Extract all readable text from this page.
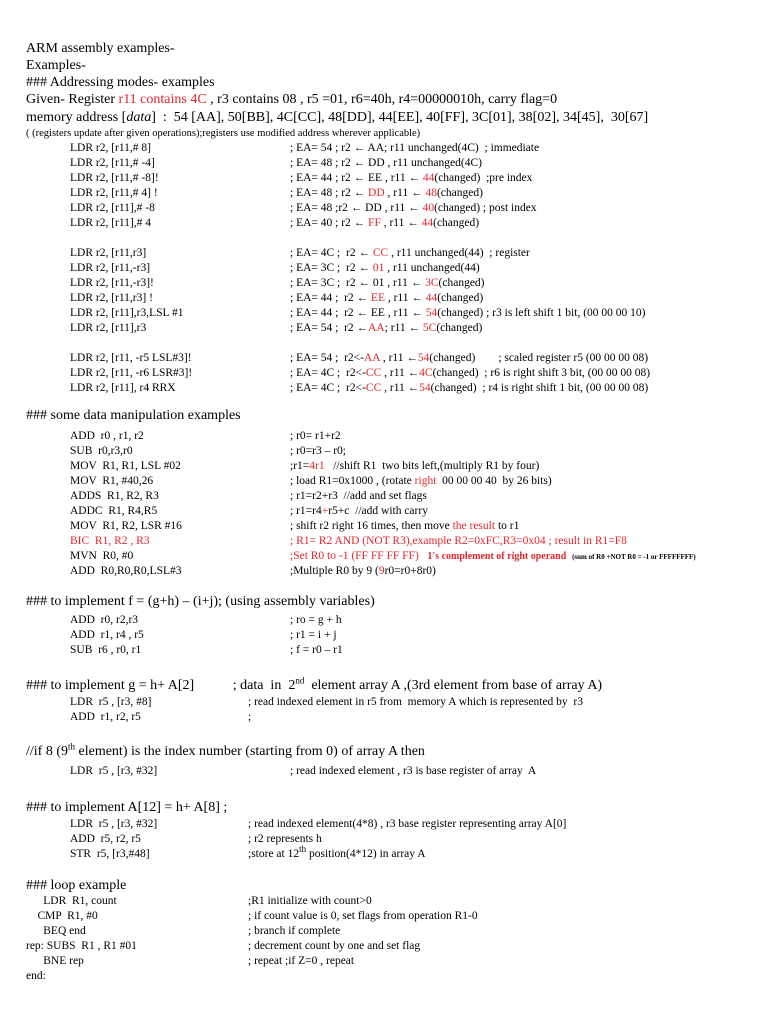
ARM assembly examples-
Examples-
### Addressing modes- examples
Given- Register r11 contains 4C , r3 contains 08 , r5 =01, r6=40h, r4=00000010h, carry flag=0
memory address [data]  :  54 [AA], 50[BB], 4C[CC], 48[DD], 44[EE], 40[FF], 3C[01], 38[02], 34[45],  30[67]
( (registers update after given operations);registers use modified address wherever applicable)
LDR r2, [r11,# 8]	; EA= 54 ; r2 ← AA; r11 unchanged(4C)  ; immediate
LDR r2, [r11,# -4]	; EA= 48 ; r2 ← DD , r11 unchanged(4C)
LDR r2, [r11,# -8]!	; EA= 44 ; r2 ← EE , r11 ← 44(changed)  ;pre index
LDR r2, [r11,# 4] !	; EA= 48 ; r2 ← DD , r11 ← 48(changed)
LDR r2, [r11],# -8	; EA= 48 ;r2 ← DD , r11 ← 40(changed) ; post index
LDR r2, [r11],# 4	; EA= 40 ; r2 ← FF , r11 ← 44(changed)
LDR r2, [r11,r3]	; EA= 4C ;  r2 ← CC , r11 unchanged(44)  ; register
LDR r2, [r11,-r3]	; EA= 3C ;  r2 ← 01 , r11 unchanged(44)
LDR r2, [r11,-r3]!	; EA= 3C ;  r2 ← 01 , r11 ← 3C(changed)
LDR r2, [r11,r3] !	; EA= 44 ;  r2 ← EE , r11 ← 44(changed)
LDR r2, [r11],r3,LSL #1	; EA= 44 ;  r2 ← EE , r11 ← 54(changed) ; r3 is left shift 1 bit, (00 00 00 10)
LDR r2, [r11],r3	; EA= 54 ;  r2 ←AA; r11 ← 5C(changed)
LDR r2, [r11, -r5 LSL#3]!	; EA= 54 ;  r2<-AA , r11 ←54(changed)        ; scaled register r5 (00 00 00 08)
LDR r2, [r11, -r6 LSR#3]!	; EA= 4C ;  r2<-CC , r11 ←4C(changed)  ; r6 is right shift 3 bit, (00 00 00 08)
LDR r2, [r11], r4 RRX	; EA= 4C ;  r2<-CC , r11 ←54(changed)  ; r4 is right shift 1 bit, (00 00 00 08)
### some data manipulation examples
ADD  r0 , r1, r2	; r0= r1+r2
SUB  r0,r3,r0	; r0=r3 – r0;
MOV  R1, R1, LSL #02	;r1=4r1   //shift R1  two bits left,(multiply R1 by four)
MOV  R1, #40,26	; load R1=0x1000 , (rotate right  00 00 00 40  by 26 bits)
ADDS  R1, R2, R3	; r1=r2+r3  //add and set flags
ADDC  R1, R4,R5	; r1=r4+r5+c  //add with carry
MOV  R1, R2, LSR #16	; shift r2 right 16 times, then move the result to r1
BIC  R1, R2 , R3	; R1= R2 AND (NOT R3),example R2=0xFC,R3=0x04 ; result in R1=F8
MVN  R0, #0	;Set R0 to -1 (FF FF FF FF) 1's complement of right operand (sum of R0 +NOT R0 = -1 or FFFFFFFF)
ADD  R0,R0,R0,LSL#3	;Multiple R0 by 9 (9r0=r0+8r0)
### to implement f = (g+h) – (i+j); (using assembly variables)
ADD  r0, r2,r3	; ro = g + h
ADD  r1, r4 , r5	; r1 = i + j
SUB  r6 , r0, r1	; f = r0 – r1
### to implement g = h+ A[2]           ; data  in  2nd  element array A ,(3rd element from base of array A)
LDR  r5 , [r3, #8]	; read indexed element in r5 from  memory A which is represented by  r3
ADD  r1, r2, r5	;
//if 8 (9th element) is the index number (starting from 0) of array A then
LDR  r5 , [r3, #32]	; read indexed element , r3 is base register of array  A
### to implement A[12] = h+ A[8] ;
LDR  r5 , [r3, #32]	; read indexed element(4*8) , r3 base register representing array A[0]
ADD  r5, r2, r5	; r2 represents h
STR  r5, [r3,#48]	;store at 12th position(4*12) in array A
### loop example
LDR  R1, count	;R1 initialize with count>0
CMP  R1, #0	; if count value is 0, set flags from operation R1-0
BEQ end	; branch if complete
rep: SUBS  R1 , R1 #01	; decrement count by one and set flag
BNE rep	; repeat ;if Z=0 , repeat
end:
